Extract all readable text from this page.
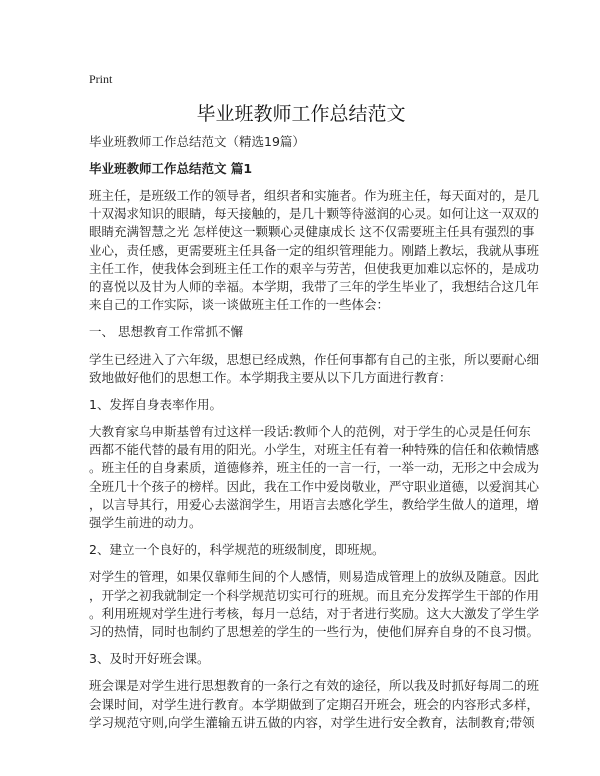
Print
毕业班教师工作总结范文
毕业班教师工作总结范文（精选19篇）
毕业班教师工作总结范文 篇1
班主任，是班级工作的领导者，组织者和实施者。作为班主任，每天面对的，是几
十双渴求知识的眼睛，每天接触的，是几十颗等待滋润的心灵。如何让这一双双的
眼睛充满智慧之光 怎样使这一颗颗心灵健康成长 这不仅需要班主任具有强烈的事
业心，责任感，更需要班主任具备一定的组织管理能力。刚踏上教坛，我就从事班
主任工作，使我体会到班主任工作的艰辛与劳苦，但使我更加难以忘怀的，是成功
的喜悦以及甘为人师的幸福。本学期，我带了三年的学生毕业了，我想结合这几年
来自己的工作实际，谈一谈做班主任工作的一些体会：
一、 思想教育工作常抓不懈
学生已经进入了六年级，思想已经成熟，作任何事都有自己的主张，所以要耐心细
致地做好他们的思想工作。本学期我主要从以下几方面进行教育：
1、发挥自身表率作用。
大教育家乌申斯基曾有过这样一段话:教师个人的范例，对于学生的心灵是任何东
西都不能代替的最有用的阳光。小学生，对班主任有着一种特殊的信任和依赖情感
。班主任的自身素质，道德修养，班主任的一言一行，一举一动，无形之中会成为
全班几十个孩子的榜样。因此，我在工作中爱岗敬业，严守职业道德，以爱润其心
，以言导其行，用爱心去滋润学生，用语言去感化学生，教给学生做人的道理，增
强学生前进的动力。
2、建立一个良好的，科学规范的班级制度，即班规。
对学生的管理，如果仅靠师生间的个人感情，则易造成管理上的放纵及随意。因此
，开学之初我就制定一个科学规范切实可行的班规。而且充分发挥学生干部的作用
。利用班规对学生进行考核，每月一总结，对于者进行奖励。这大大激发了学生学
习的热情，同时也制约了思想差的学生的一些行为，使他们屏弃自身的不良习惯。
3、及时开好班会课。
班会课是对学生进行思想教育的一条行之有效的途径，所以我及时抓好每周二的班
会课时间，对学生进行教育。本学期做到了定期召开班会，班会的内容形式多样，
学习规范守则,向学生灌输五讲五做的内容，对学生进行安全教育，法制教育;带领
